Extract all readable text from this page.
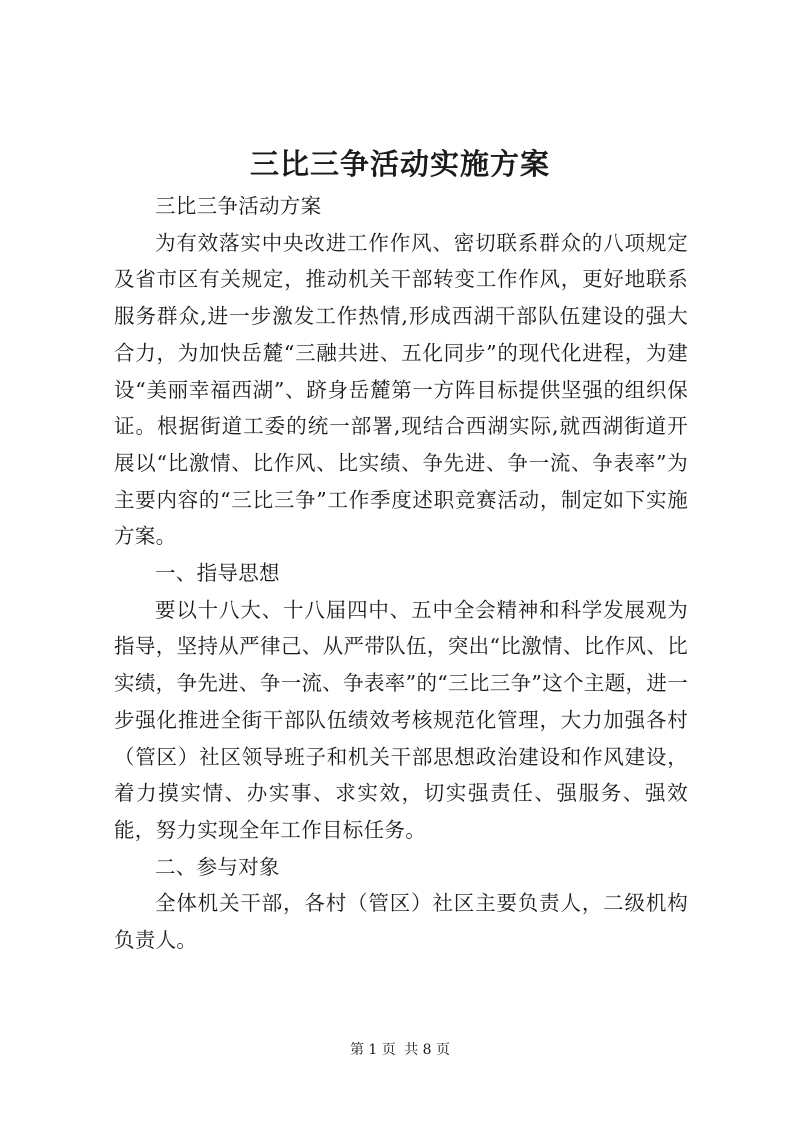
三比三争活动实施方案

三比三争活动方案

为有效落实中央改进工作作风、密切联系群众的八项规定及省市区有关规定，推动机关干部转变工作作风，更好地联系服务群众,进一步激发工作热情,形成西湖干部队伍建设的强大合力，为加快岳麓“三融共进、五化同步”的现代化进程，为建设“美丽幸福西湖”、跻身岳麓第一方阵目标提供坚强的组织保证。根据街道工委的统一部署,现结合西湖实际,就西湖街道开展以“比激情、比作风、比实绩、争先进、争一流、争表率”为主要内容的“三比三争”工作季度述职竞赛活动，制定如下实施方案。

一、指导思想

要以十八大、十八届四中、五中全会精神和科学发展观为指导，坚持从严律己、从严带队伍，突出“比激情、比作风、比实绩，争先进、争一流、争表率”的“三比三争”这个主题，进一步强化推进全街干部队伍绩效考核规范化管理，大力加强各村（管区）社区领导班子和机关干部思想政治建设和作风建设，着力摸实情、办实事、求实效，切实强责任、强服务、强效能，努力实现全年工作目标任务。

二、参与对象

全体机关干部，各村（管区）社区主要负责人，二级机构负责人。

第 1 页 共 8 页
